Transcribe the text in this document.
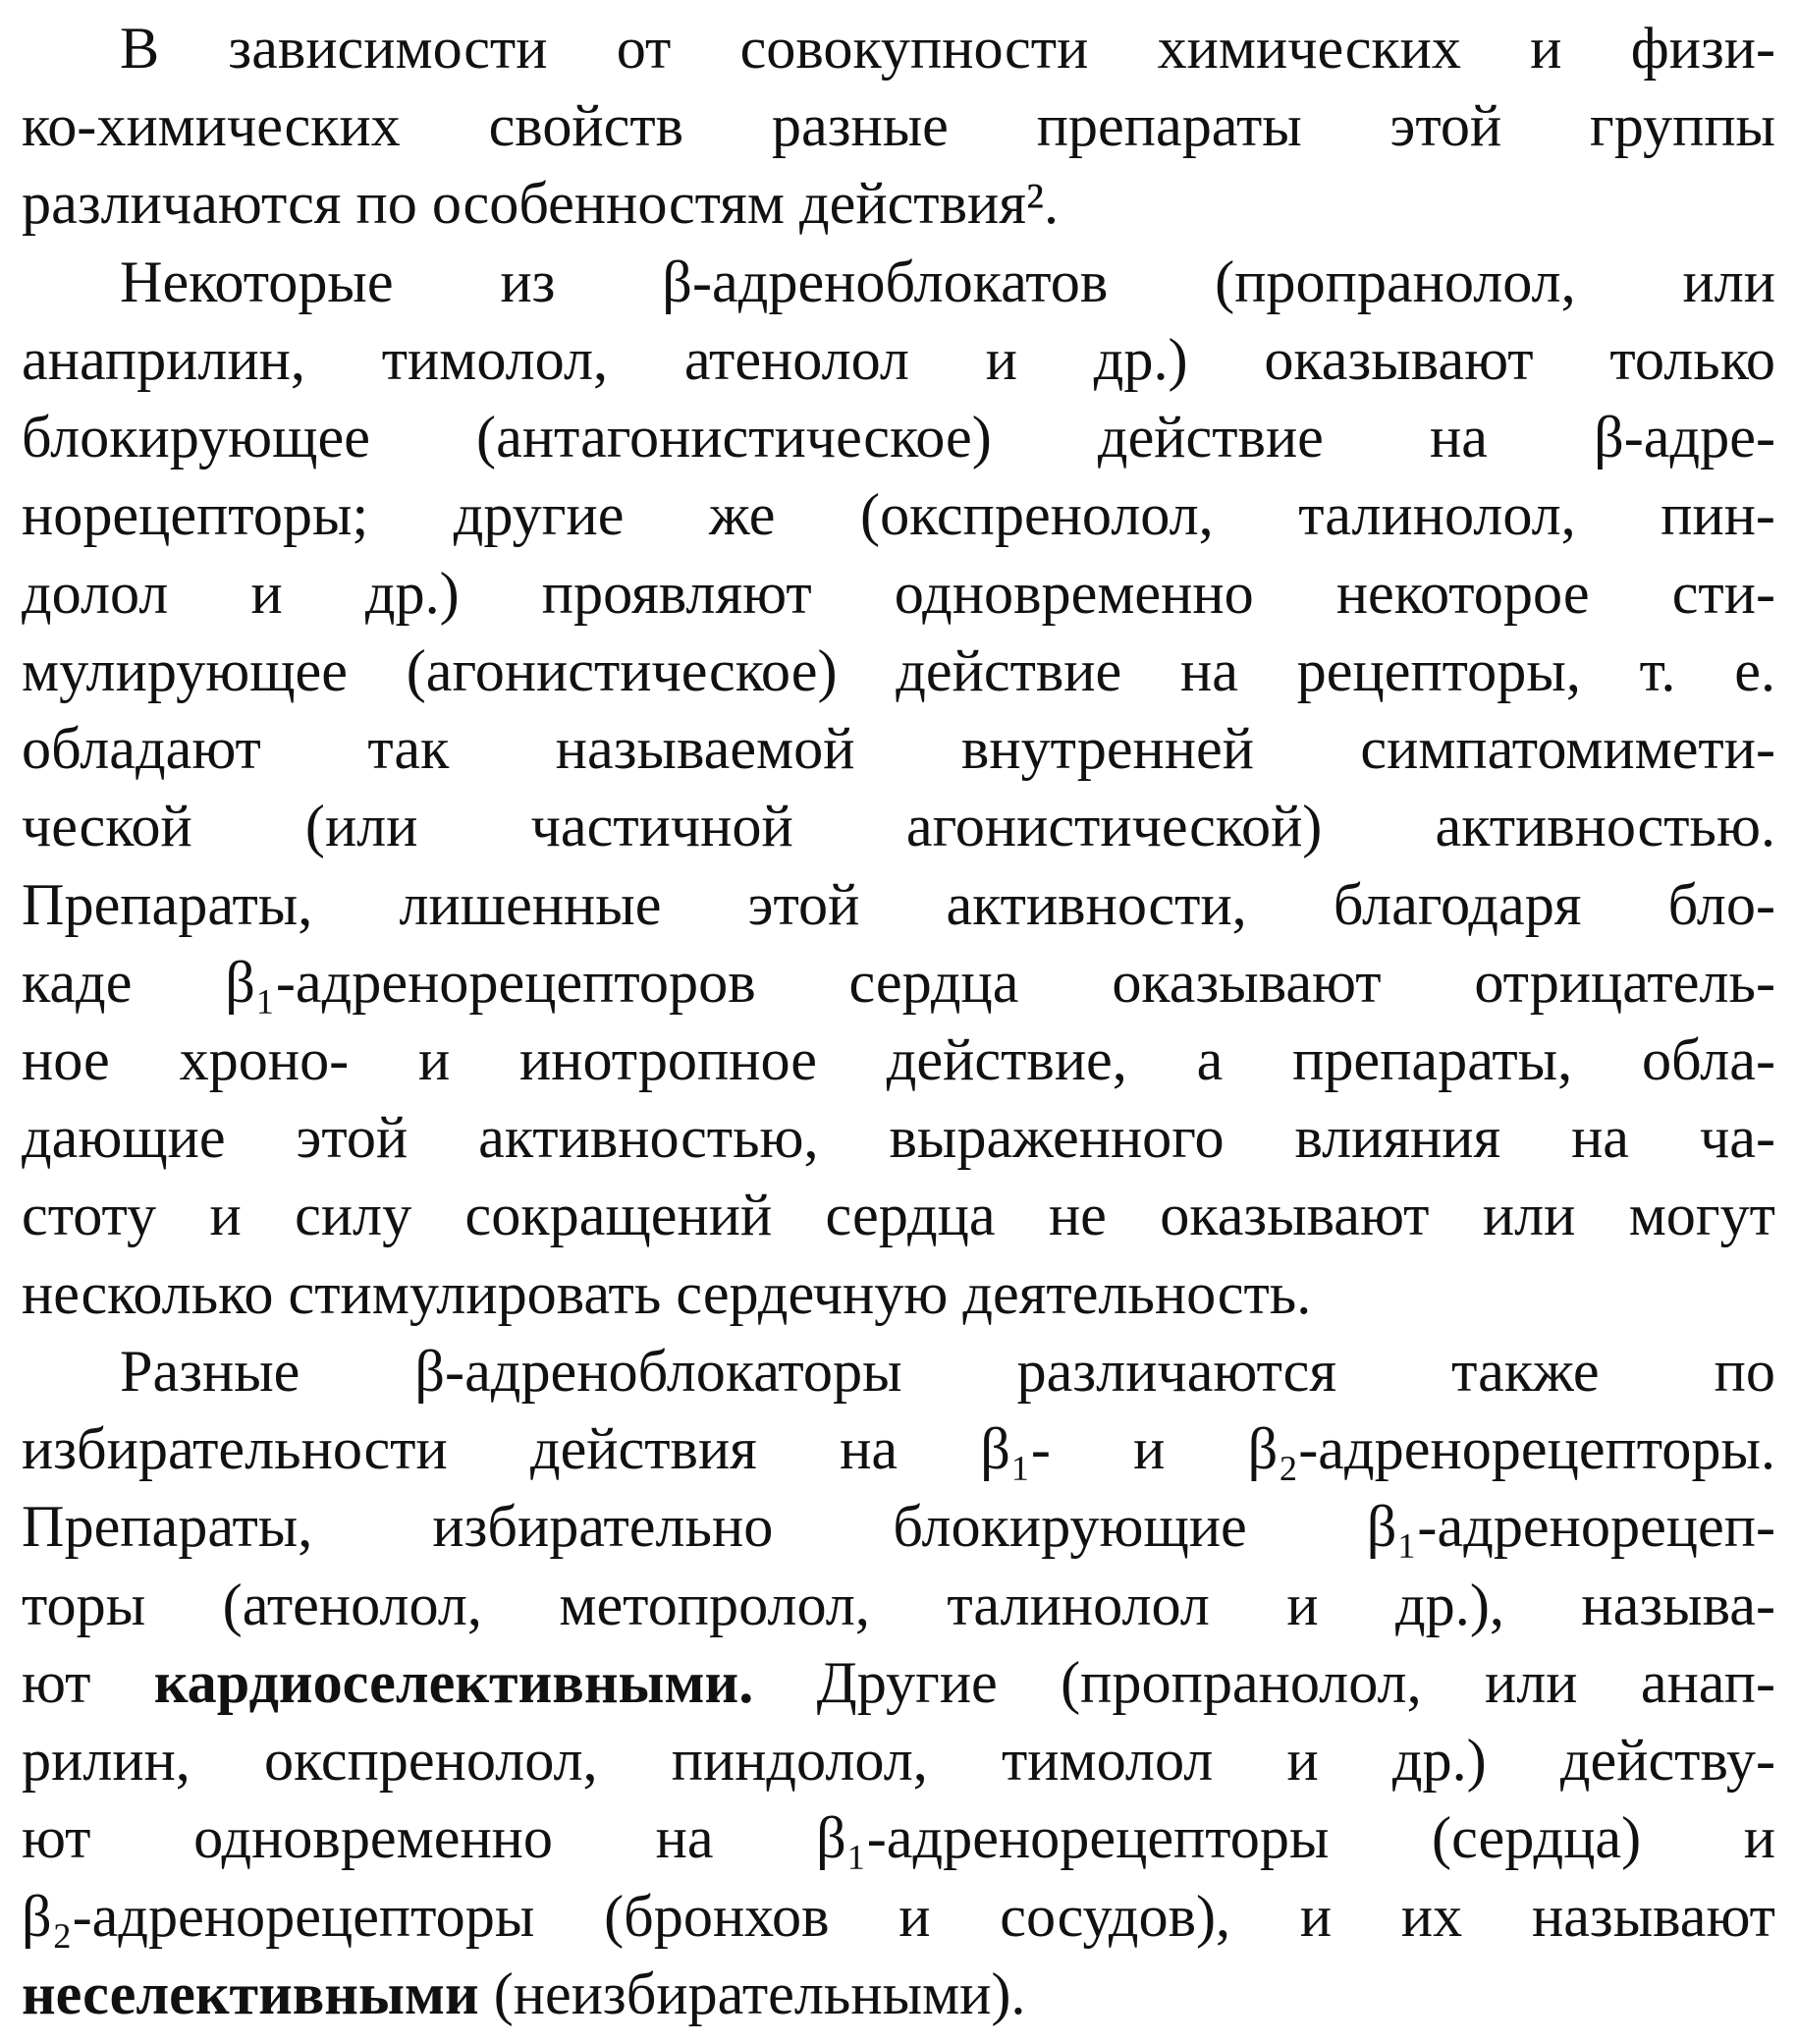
В зависимости от совокупности химических и физи-
ко-химических свойств разные препараты этой группы
различаются по особенностям действия².
Некоторые из β-адреноблокатов (пропранолол, или
анаприлин, тимолол, атенолол и др.) оказывают только
блокирующее (антагонистическое) действие на β-адре-
норецепторы; другие же (окспренолол, талинолол, пин-
долол и др.) проявляют одновременно некоторое сти-
мулирующее (агонистическое) действие на рецепторы, т. е.
обладают так называемой внутренней симпатомимети-
ческой (или частичной агонистической) активностью.
Препараты, лишенные этой активности, благодаря бло-
каде β₁-адренорецепторов сердца оказывают отрицатель-
ное хроно- и инотропное действие, а препараты, обла-
дающие этой активностью, выраженного влияния на ча-
стоту и силу сокращений сердца не оказывают или могут
несколько стимулировать сердечную деятельность.
Разные β-адреноблокаторы различаются также по
избирательности действия на β₁- и β₂-адренорецепторы.
Препараты, избирательно блокирующие β₁-адренорецеп-
торы (атенолол, метопролол, талинолол и др.), называ-
ют кардиоселективными. Другие (пропранолол, или анап-
рилин, окспренолол, пиндолол, тимолол и др.) действу-
ют одновременно на β₁-адренорецепторы (сердца) и
β₂-адренорецепторы (бронхов и сосудов), и их называют
неселективными (неизбирательными).
